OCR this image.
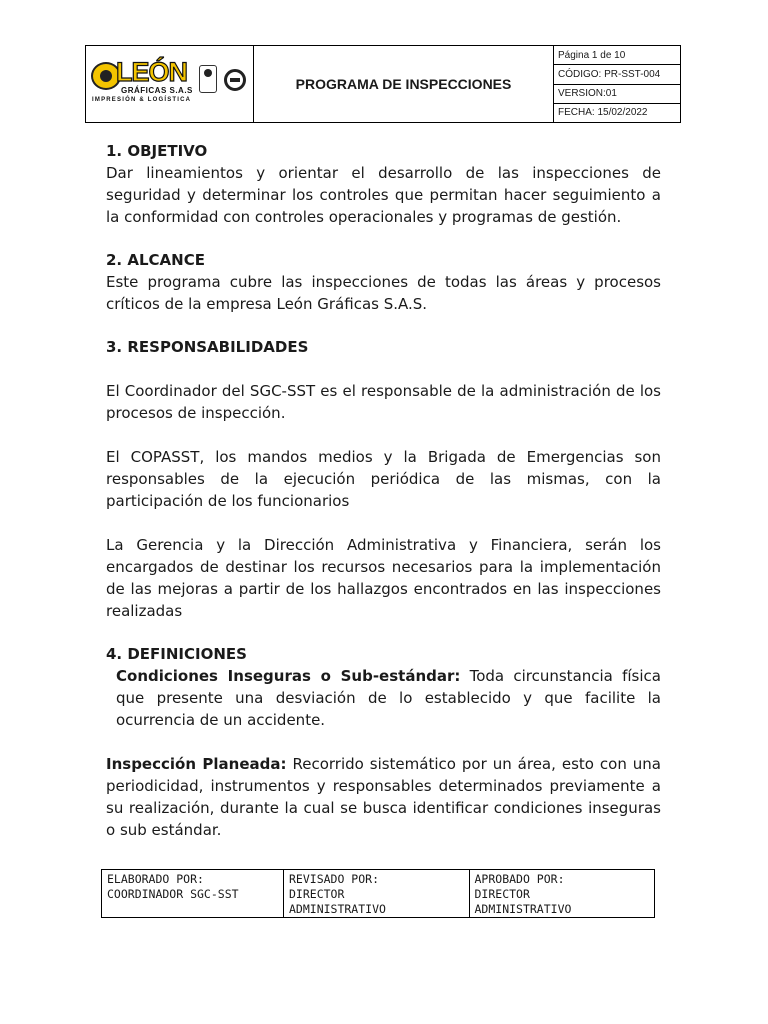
LEÓN
GRÁFICAS S.A.S
IMPRESIÓN & LOGÍSTICA
PROGRAMA DE INSPECCIONES
Página 1 de 10
CÓDIGO: PR-SST-004
VERSION:01
FECHA: 15/02/2022
1. OBJETIVO

Dar lineamientos y orientar el desarrollo de las inspecciones de seguridad y determinar los controles que permitan hacer seguimiento a la conformidad con controles operacionales y programas de gestión.

2. ALCANCE

Este programa cubre las inspecciones de todas las áreas y procesos críticos de la empresa León Gráficas S.A.S.

3. RESPONSABILIDADES

El Coordinador del SGC-SST es el responsable de la administración de los procesos de inspección.

El COPASST, los mandos medios y la Brigada de Emergencias son responsables de la ejecución periódica de las mismas, con la participación de los funcionarios

La Gerencia y la Dirección Administrativa y Financiera, serán los encargados de destinar los recursos necesarios para la implementación de las mejoras a partir de los hallazgos encontrados en las inspecciones realizadas

4. DEFINICIONES

Condiciones Inseguras o Sub-estándar: Toda circunstancia física que presente una desviación de lo establecido y que facilite la ocurrencia de un accidente.

Inspección Planeada: Recorrido sistemático por un área, esto con una periodicidad, instrumentos y responsables determinados previamente a su realización, durante la cual se busca identificar condiciones inseguras o sub estándar.

ELABORADO POR:
COORDINADOR SGC-SST
REVISADO POR:
DIRECTOR
ADMINISTRATIVO
APROBADO POR:
DIRECTOR
ADMINISTRATIVO
